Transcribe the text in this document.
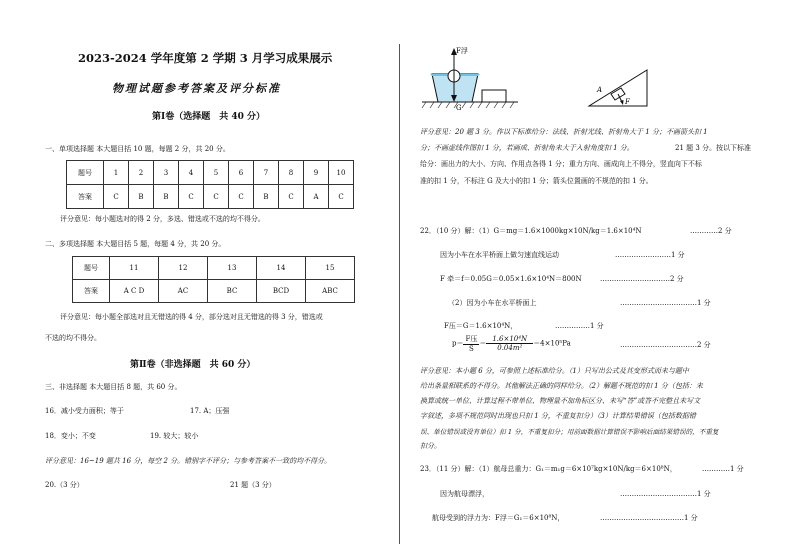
2023-2024 学年度第 2 学期 3 月学习成果展示
物理试题参考答案及评分标准
第Ⅰ卷（选择题　共 40 分）
一、单项选择题 本大题目括 10 题，每题 2 分，共 20 分。
题号	1	2	3	4	5	6	7	8	9	10
答案	C	B	B	C	C	C	B	C	A	C
评分意见：每小题选对的得 2 分，多选、错选或不选的均不得分。
二、多项选择题 本大题目括 5 题，每题 4 分，共 20 分。
题号	11	12	13	14	15
答案	A C D	AC	BC	BCD	ABC
评分意见：每小题全部选对且无错选的得 4 分，部分选对且无错选的得 3 分，错选或
不选的均不得分。
第Ⅱ卷（非选择题　共 60 分）
三、非选择题 本大题目括 8 题，共 60 分。
16．减小受力面积；等于	17. A；压强
18．变小；不变	19. 较大；较小
评分意见：16~19 题共 16 分，每空 2 分。错别字不评分；与参考答案不一致的均不得分。
20.（3 分）	21 题（3 分）
F浮
G
A
F
评分意见：20 题 3 分。作以下标准给分：法线、折射光线、折射角大于 1 分；不画箭头扣 1
分；不画虚线作图扣 1 分，若画成、折射角未大于入射角度扣 1 分。	21 题 3 分。按以下标准
给分：画出力的大小、方向、作用点各得 1 分；重力方向、画成向上不得分，竖直向下不标
准的扣 1 分，不标注 G 及大小的扣 1 分；箭头位置画的不规范的扣 1 分。
22．（10 分）解：（1）G＝mg＝1.6×1000kg×10N/kg＝1.6×10⁴N	…………2 分
因为小车在水平桥面上做匀速直线运动	……………………1 分
F 牵＝f＝0.05G＝0.05×1.6×10⁴N＝800N	…………………………2 分
（2）因为小车在水平桥面上	……………………………1 分
F压＝G＝1.6×10⁴N，	……………1 分
$p= \frac{\text{F压}}{S} = \frac{\text{1.6×10⁴N}}{\text{0.04m²}} =4\times 10^5Pa$	……………………………2 分
评分意见：本小题 6 分，可参照上述标准给分。（1）只写出公式及其变形式而未与题中
给出条量相联系的不得分。其他解法正确的同样给分。（2）解题不规范的扣 1 分（包括：未
换算或统一单位、计算过程不带单位、物理量不加角标区分、未写“答”或答不完整且未写文
字叙述，多项不规范同时出现也只扣 1 分，不重复扣分）（3）计算结果错误（包括数据错
误、单位错误或没有单位）扣 1 分，不重复扣分；用前面数据计算错误不影响后面结果错误的，不重复
扣分。
23．（11 分）解：（1）航母总重力：G₁＝m₁g＝6×10⁷kg×10N/kg＝6×10⁸N，	…………1 分
因为航母漂浮，	……………………………1 分
航母受到的浮力为：F浮＝G₁＝6×10⁸N，	………………………………1 分
